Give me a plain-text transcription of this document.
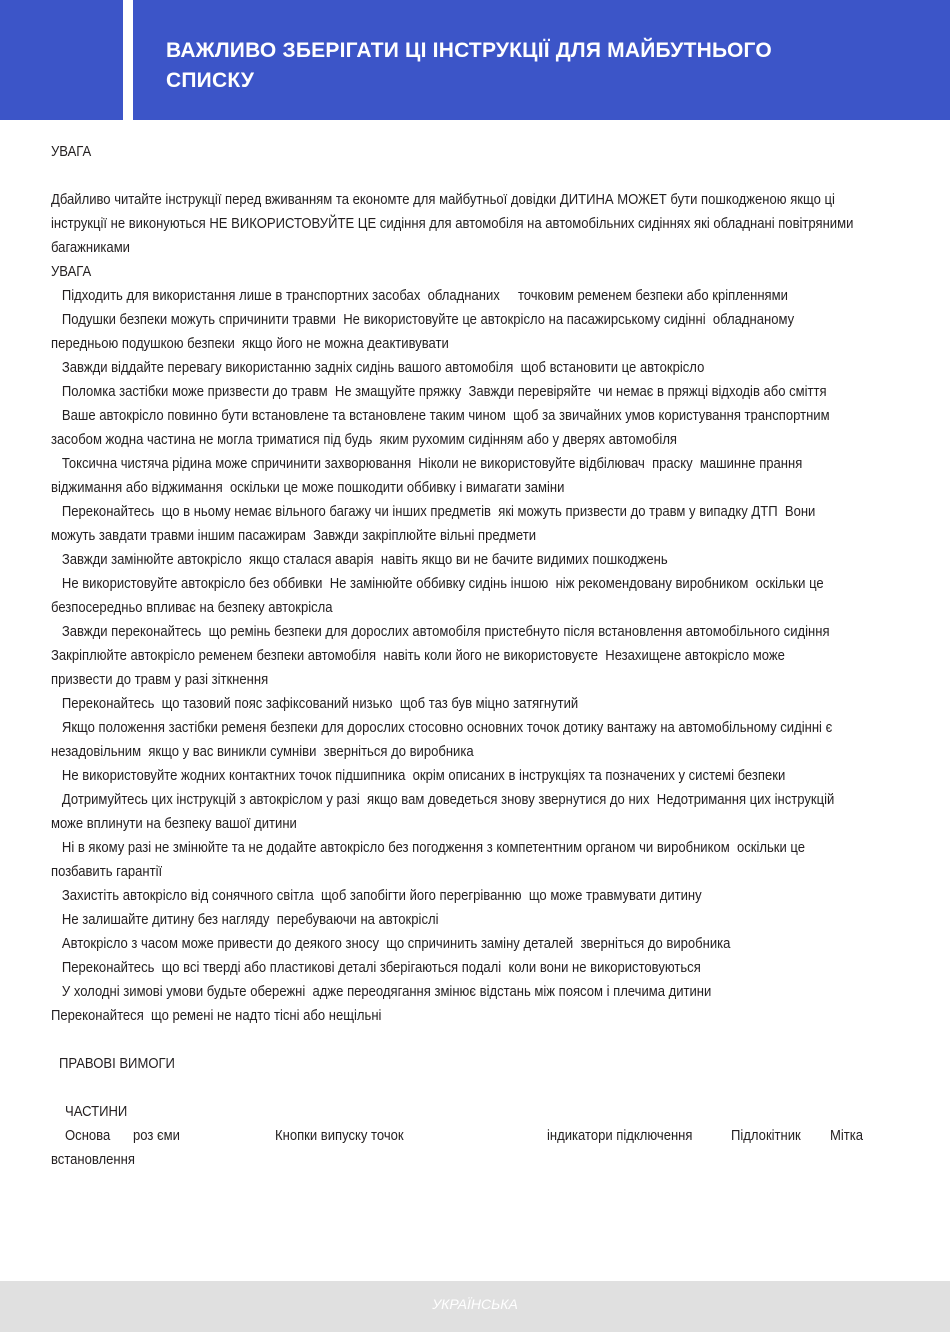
ВАЖЛИВО ЗБЕРІГАТИ ЦІ ІНСТРУКЦІЇ ДЛЯ МАЙБУТНЬОГО
СПИСКУ
УВАГА
Дбайливо читайте інструкції перед вживанням та економте для майбутньої довідки ДИТИНА МОЖЕТ бути пошкодженою якщо ці
інструкції не виконуються НЕ ВИКОРИСТОВУЙТЕ ЦЕ сидіння для автомобіля на автомобільних сидіннях які обладнані повітряними
багажниками
УВАГА
Підходить для використання лише в транспортних засобах  обладнаних     точковим ременем безпеки або кріпленнями
Подушки безпеки можуть спричинити травми  Не використовуйте це автокрісло на пасажирському сидінні  обладнаному
передньою подушкою безпеки  якщо його не можна деактивувати
Завжди віддайте перевагу використанню задніх сидінь вашого автомобіля  щоб встановити це автокрісло
Поломка застібки може призвести до травм  Не змащуйте пряжку  Завжди перевіряйте  чи немає в пряжці відходів або сміття
Ваше автокрісло повинно бути встановлене та встановлене таким чином  щоб за звичайних умов користування транспортним
засобом жодна частина не могла триматися під будь  яким рухомим сидінням або у дверях автомобіля
Токсична чистяча рідина може спричинити захворювання  Ніколи не використовуйте відбілювач  праску  машинне прання
віджимання або віджимання  оскільки це може пошкодити оббивку і вимагати заміни
Переконайтесь  що в ньому немає вільного багажу чи інших предметів  які можуть призвести до травм у випадку ДТП  Вони
можуть завдати травми іншим пасажирам  Завжди закріплюйте вільні предмети
Завжди замінюйте автокрісло  якщо сталася аварія  навіть якщо ви не бачите видимих пошкоджень
Не використовуйте автокрісло без оббивки  Не замінюйте оббивку сидінь іншою  ніж рекомендовану виробником  оскільки це
безпосередньо впливає на безпеку автокрісла
Завжди переконайтесь  що ремінь безпеки для дорослих автомобіля пристебнуто після встановлення автомобільного сидіння
Закріплюйте автокрісло ременем безпеки автомобіля  навіть коли його не використовуєте  Незахищене автокрісло може
призвести до травм у разі зіткнення
Переконайтесь  що тазовий пояс зафіксований низько  щоб таз був міцно затягнутий
Якщо положення застібки ременя безпеки для дорослих стосовно основних точок дотику вантажу на автомобільному сидінні є
незадовільним  якщо у вас виникли сумніви  зверніться до виробника
Не використовуйте жодних контактних точок підшипника  окрім описаних в інструкціях та позначених у системі безпеки
Дотримуйтесь цих інструкцій з автокріслом у разі  якщо вам доведеться знову звернутися до них  Недотримання цих інструкцій
може вплинути на безпеку вашої дитини
Ні в якому разі не змінюйте та не додайте автокрісло без погодження з компетентним органом чи виробником  оскільки це
позбавить гарантії
Захистіть автокрісло від сонячного світла  щоб запобігти його перегріванню  що може травмувати дитину
Не залишайте дитину без нагляду  перебуваючи на автокріслі
Автокрісло з часом може привести до деякого зносу  що спричинить заміну деталей  зверніться до виробника
Переконайтесь  що всі тверді або пластикові деталі зберігаються подалі  коли вони не використовуються
У холодні зимові умови будьте обережні  адже переодягання змінює відстань між поясом і плечима дитини
Переконайтеся  що ремені не надто тісні або нещільні
ПРАВОВІ ВИМОГИ
ЧАСТИНИ
Основа роз єми	Кнопки випуску точок	індикатори підключення	Підлокітник Мітка
встановлення
УКРАЇНСЬКА
